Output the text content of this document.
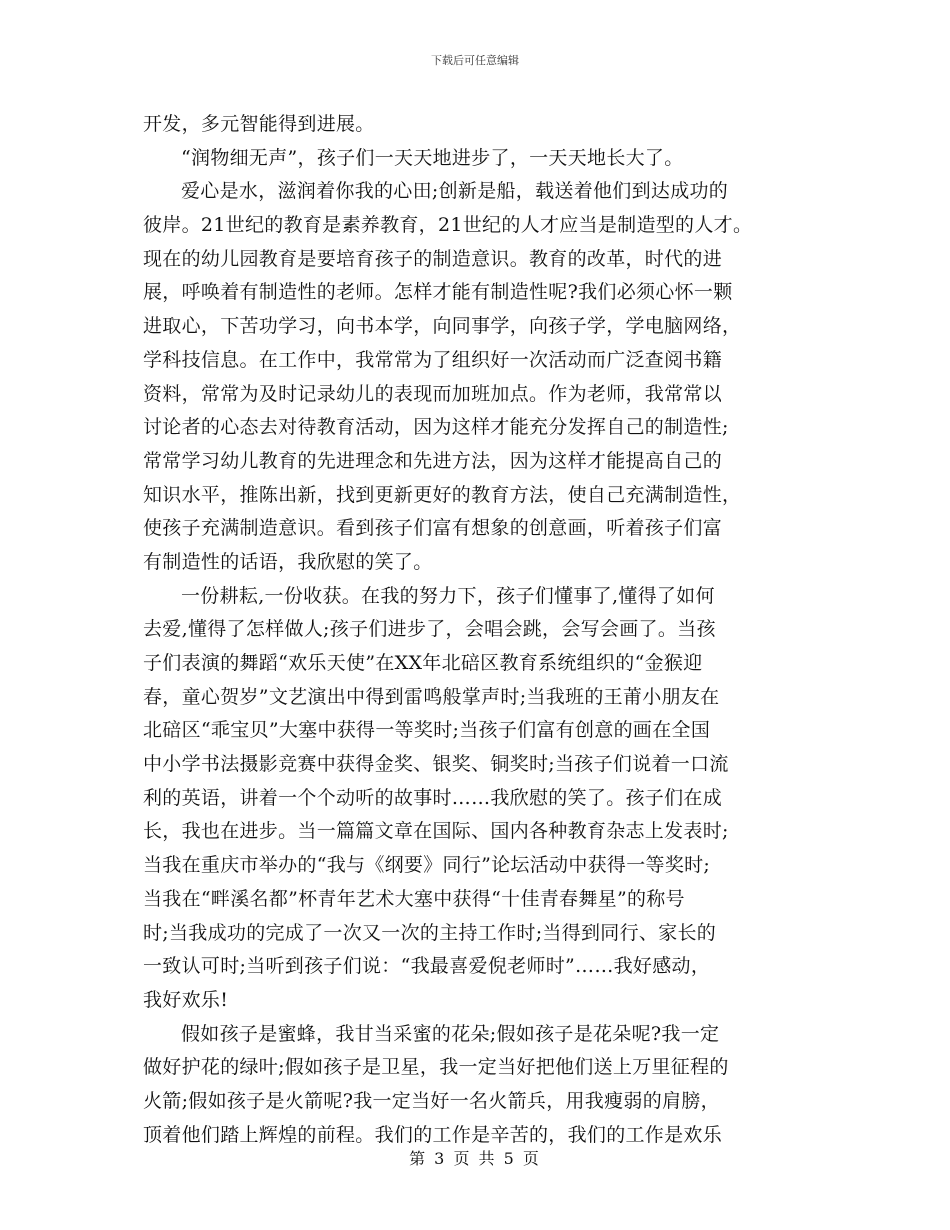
下载后可任意编辑
开发，多元智能得到进展。
“润物细无声”，孩子们一天天地进步了，一天天地长大了。
爱心是水，滋润着你我的心田;创新是船，载送着他们到达成功的
彼岸。21世纪的教育是素养教育，21世纪的人才应当是制造型的人才。
现在的幼儿园教育是要培育孩子的制造意识。教育的改革，时代的进
展，呼唤着有制造性的老师。怎样才能有制造性呢?我们必须心怀一颗
进取心，下苦功学习，向书本学，向同事学，向孩子学，学电脑网络，
学科技信息。在工作中，我常常为了组织好一次活动而广泛查阅书籍
资料，常常为及时记录幼儿的表现而加班加点。作为老师，我常常以
讨论者的心态去对待教育活动，因为这样才能充分发挥自己的制造性;
常常学习幼儿教育的先进理念和先进方法，因为这样才能提高自己的
知识水平，推陈出新，找到更新更好的教育方法，使自己充满制造性，
使孩子充满制造意识。看到孩子们富有想象的创意画，听着孩子们富
有制造性的话语，我欣慰的笑了。
一份耕耘,一份收获。在我的努力下，孩子们懂事了,懂得了如何
去爱,懂得了怎样做人;孩子们进步了，会唱会跳，会写会画了。当孩
子们表演的舞蹈“欢乐天使”在XX年北碚区教育系统组织的“金猴迎
春，童心贺岁”文艺演出中得到雷鸣般掌声时;当我班的王莆小朋友在
北碚区“乖宝贝”大塞中获得一等奖时;当孩子们富有创意的画在全国
中小学书法摄影竞赛中获得金奖、银奖、铜奖时;当孩子们说着一口流
利的英语，讲着一个个动听的故事时……我欣慰的笑了。孩子们在成
长，我也在进步。当一篇篇文章在国际、国内各种教育杂志上发表时;
当我在重庆市举办的“我与《纲要》同行”论坛活动中获得一等奖时;
当我在“畔溪名都”杯青年艺术大塞中获得“十佳青春舞星”的称号
时;当我成功的完成了一次又一次的主持工作时;当得到同行、家长的
一致认可时;当听到孩子们说：“我最喜爱倪老师时”……我好感动，
我好欢乐!
假如孩子是蜜蜂，我甘当采蜜的花朵;假如孩子是花朵呢?我一定
做好护花的绿叶;假如孩子是卫星，我一定当好把他们送上万里征程的
火箭;假如孩子是火箭呢?我一定当好一名火箭兵，用我瘦弱的肩膀，
顶着他们踏上辉煌的前程。我们的工作是辛苦的，我们的工作是欢乐
第 3 页 共 5 页
